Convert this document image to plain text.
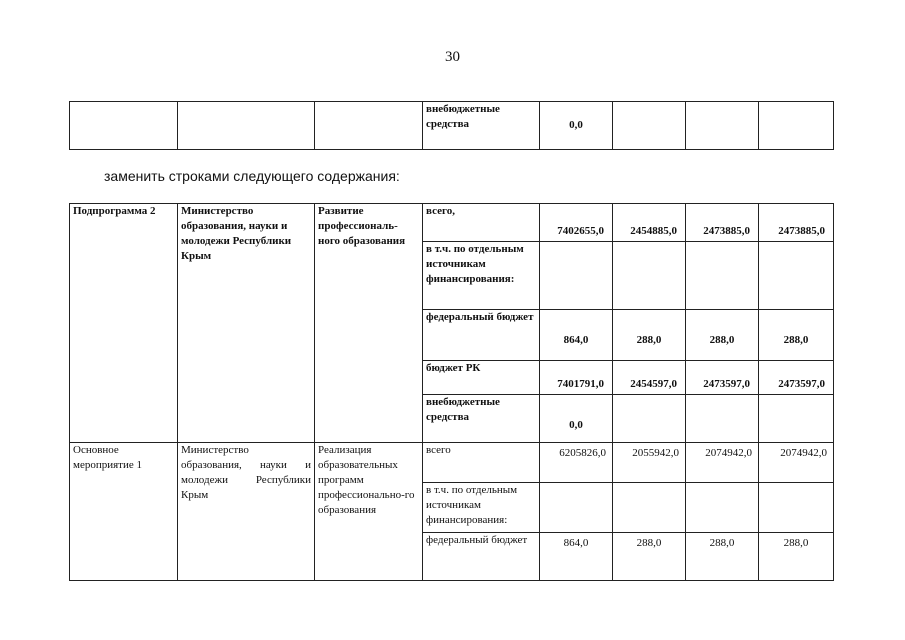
30
			внебюджетные средства	0,0			
заменить строками следующего содержания:
Подпрограмма 2	Министерство образования, науки и молодежи Республики Крым	Развитие профессиональ-ного образования	всего,	7402655,0	2454885,0	2473885,0	2473885,0
			в т.ч. по отдельным источникам финансирования:				
			федеральный бюджет	864,0	288,0	288,0	288,0
			бюджет РК	7401791,0	2454597,0	2473597,0	2473597,0
			внебюджетные средства	0,0			
Основное мероприятие 1	Министерство образования, науки и молодежи Республики Крым	Реализация образовательных программ профессионально-го образования	всего	6205826,0	2055942,0	2074942,0	2074942,0
			в т.ч. по отдельным источникам финансирования:				
			федеральный бюджет	864,0	288,0	288,0	288,0
